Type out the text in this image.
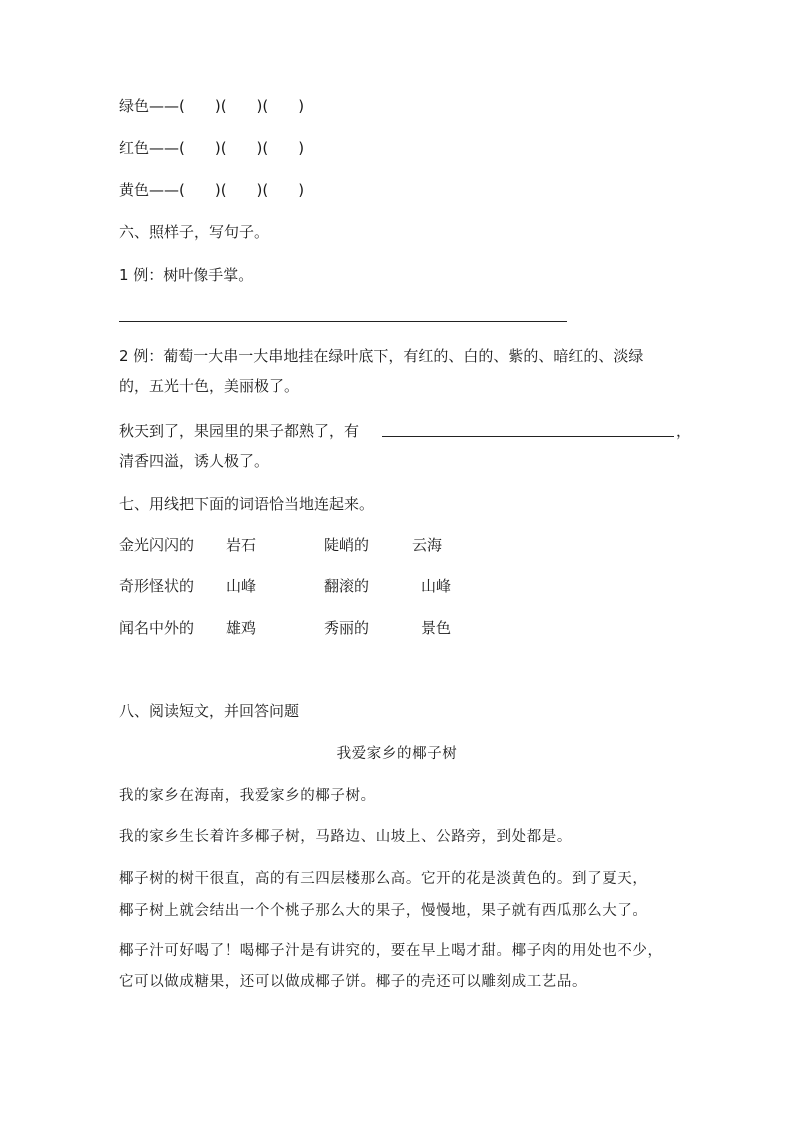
绿色——(　　)(　　)(　　)
红色——(　　)(　　)(　　)
黄色——(　　)(　　)(　　)
六、照样子，写句子。
1 例：树叶像手掌。
2 例：葡萄一大串一大串地挂在绿叶底下，有红的、白的、紫的、暗红的、淡绿
的，五光十色，美丽极了。
秋天到了，果园里的果子都熟了，有	，
清香四溢，诱人极了。
七、用线把下面的词语恰当地连起来。
金光闪闪的 岩石	陡峭的	云海
奇形怪状的 山峰	翻滚的	山峰
闻名中外的 雄鸡	秀丽的	景色
八、阅读短文，并回答问题
我爱家乡的椰子树
我的家乡在海南，我爱家乡的椰子树。
我的家乡生长着许多椰子树，马路边、山坡上、公路旁，到处都是。
椰子树的树干很直，高的有三四层楼那么高。它开的花是淡黄色的。到了夏天，
椰子树上就会结出一个个桃子那么大的果子，慢慢地，果子就有西瓜那么大了。
椰子汁可好喝了！喝椰子汁是有讲究的，要在早上喝才甜。椰子肉的用处也不少，
它可以做成糖果，还可以做成椰子饼。椰子的壳还可以雕刻成工艺品。
